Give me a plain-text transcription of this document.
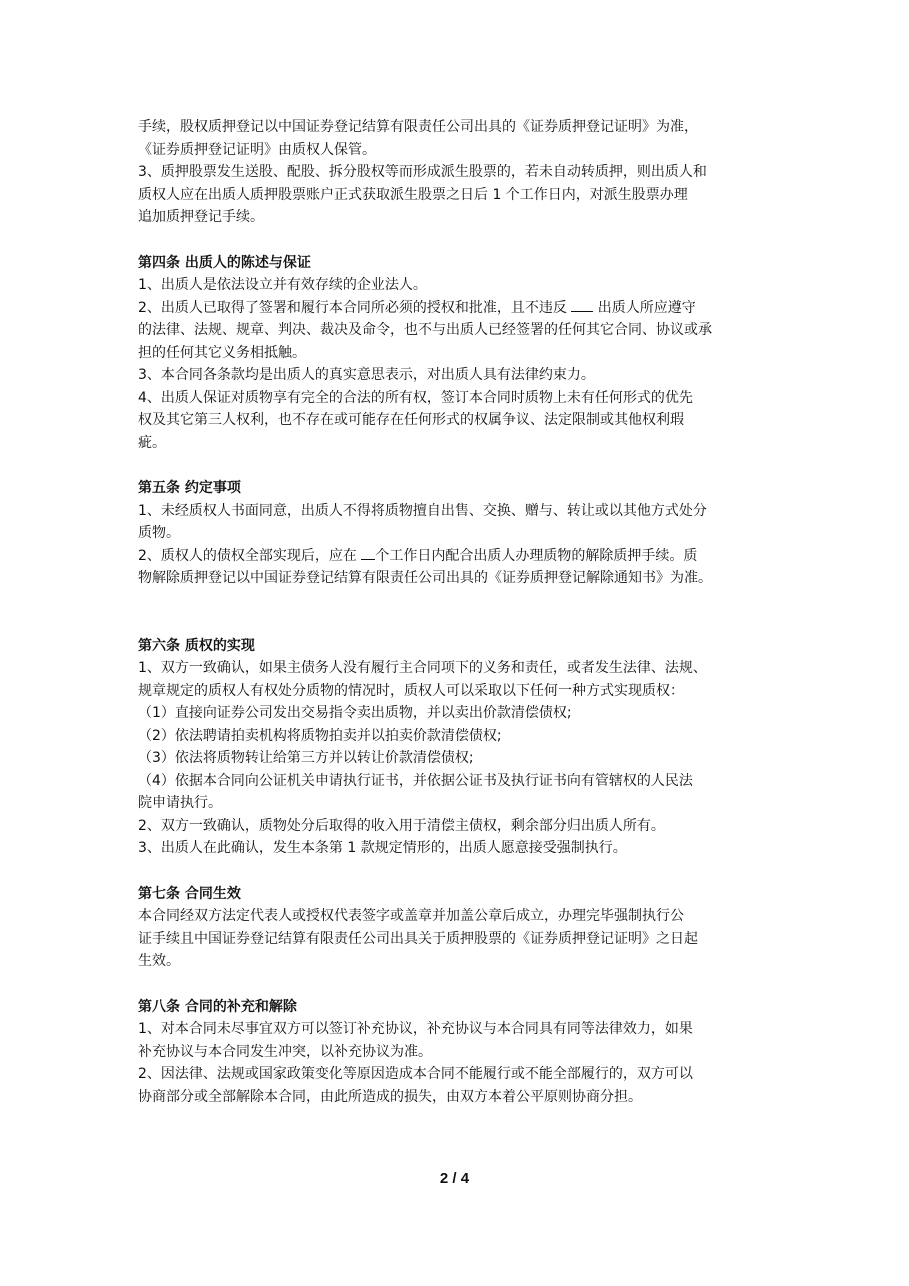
手续，股权质押登记以中国证券登记结算有限责任公司出具的《证券质押登记证明》为准，

《证券质押登记证明》由质权人保管。

3、质押股票发生送股、配股、拆分股权等而形成派生股票的，若未自动转质押，则出质人和

质权人应在出质人质押股票账户正式获取派生股票之日后 1 个工作日内，对派生股票办理

追加质押登记手续。

第四条 出质人的陈述与保证

1、出质人是依法设立并有效存续的企业法人。

2、出质人已取得了签署和履行本合同所必须的授权和批准，且不违反  出质人所应遵守

的法律、法规、规章、判决、裁决及命令，也不与出质人已经签署的任何其它合同、协议或承

担的任何其它义务相抵触。

3、本合同各条款均是出质人的真实意思表示，对出质人具有法律约束力。

4、出质人保证对质物享有完全的合法的所有权，签订本合同时质物上未有任何形式的优先

权及其它第三人权利，也不存在或可能存在任何形式的权属争议、法定限制或其他权利瑕

疵。

第五条 约定事项

1、未经质权人书面同意，出质人不得将质物擅自出售、交换、赠与、转让或以其他方式处分

质物。

2、质权人的债权全部实现后，应在 个工作日内配合出质人办理质物的解除质押手续。质

物解除质押登记以中国证券登记结算有限责任公司出具的《证券质押登记解除通知书》为准。

第六条 质权的实现

1、双方一致确认，如果主债务人没有履行主合同项下的义务和责任，或者发生法律、法规、

规章规定的质权人有权处分质物的情况时，质权人可以采取以下任何一种方式实现质权：

（1）直接向证券公司发出交易指令卖出质物，并以卖出价款清偿债权;

（2）依法聘请拍卖机构将质物拍卖并以拍卖价款清偿债权;

（3）依法将质物转让给第三方并以转让价款清偿债权;

（4）依据本合同向公证机关申请执行证书，并依据公证书及执行证书向有管辖权的人民法

院申请执行。

2、双方一致确认，质物处分后取得的收入用于清偿主债权，剩余部分归出质人所有。

3、出质人在此确认，发生本条第 1 款规定情形的，出质人愿意接受强制执行。

第七条 合同生效

本合同经双方法定代表人或授权代表签字或盖章并加盖公章后成立，办理完毕强制执行公

证手续且中国证券登记结算有限责任公司出具关于质押股票的《证券质押登记证明》之日起

生效。

第八条 合同的补充和解除

1、对本合同未尽事宜双方可以签订补充协议，补充协议与本合同具有同等法律效力，如果

补充协议与本合同发生冲突，以补充协议为准。

2、因法律、法规或国家政策变化等原因造成本合同不能履行或不能全部履行的，双方可以

协商部分或全部解除本合同，由此所造成的损失，由双方本着公平原则协商分担。

2 / 4
